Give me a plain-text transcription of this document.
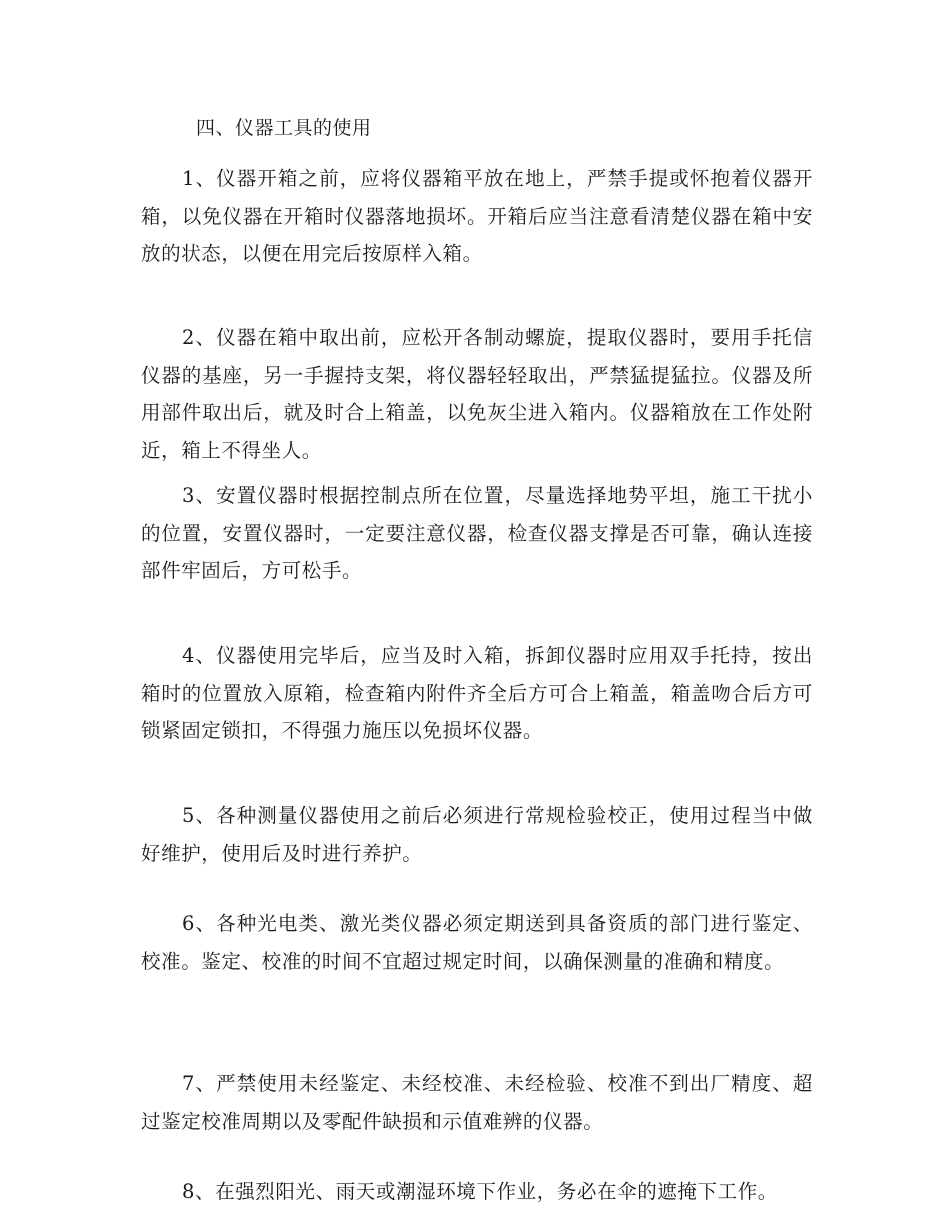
四、仪器工具的使用

1、仪器开箱之前，应将仪器箱平放在地上，严禁手提或怀抱着仪器开箱，以免仪器在开箱时仪器落地损坏。开箱后应当注意看清楚仪器在箱中安放的状态，以便在用完后按原样入箱。

2、仪器在箱中取出前，应松开各制动螺旋，提取仪器时，要用手托信仪器的基座，另一手握持支架，将仪器轻轻取出，严禁猛提猛拉。仪器及所用部件取出后，就及时合上箱盖，以免灰尘进入箱内。仪器箱放在工作处附近，箱上不得坐人。

3、安置仪器时根据控制点所在位置，尽量选择地势平坦，施工干扰小的位置，安置仪器时，一定要注意仪器，检查仪器支撑是否可靠，确认连接部件牢固后，方可松手。

4、仪器使用完毕后，应当及时入箱，拆卸仪器时应用双手托持，按出箱时的位置放入原箱，检查箱内附件齐全后方可合上箱盖，箱盖吻合后方可锁紧固定锁扣，不得强力施压以免损坏仪器。

5、各种测量仪器使用之前后必须进行常规检验校正，使用过程当中做好维护，使用后及时进行养护。

6、各种光电类、激光类仪器必须定期送到具备资质的部门进行鉴定、校准。鉴定、校准的时间不宜超过规定时间，以确保测量的准确和精度。

7、严禁使用未经鉴定、未经校准、未经检验、校准不到出厂精度、超过鉴定校准周期以及零配件缺损和示值难辨的仪器。

8、在强烈阳光、雨天或潮湿环境下作业，务必在伞的遮掩下工作。
